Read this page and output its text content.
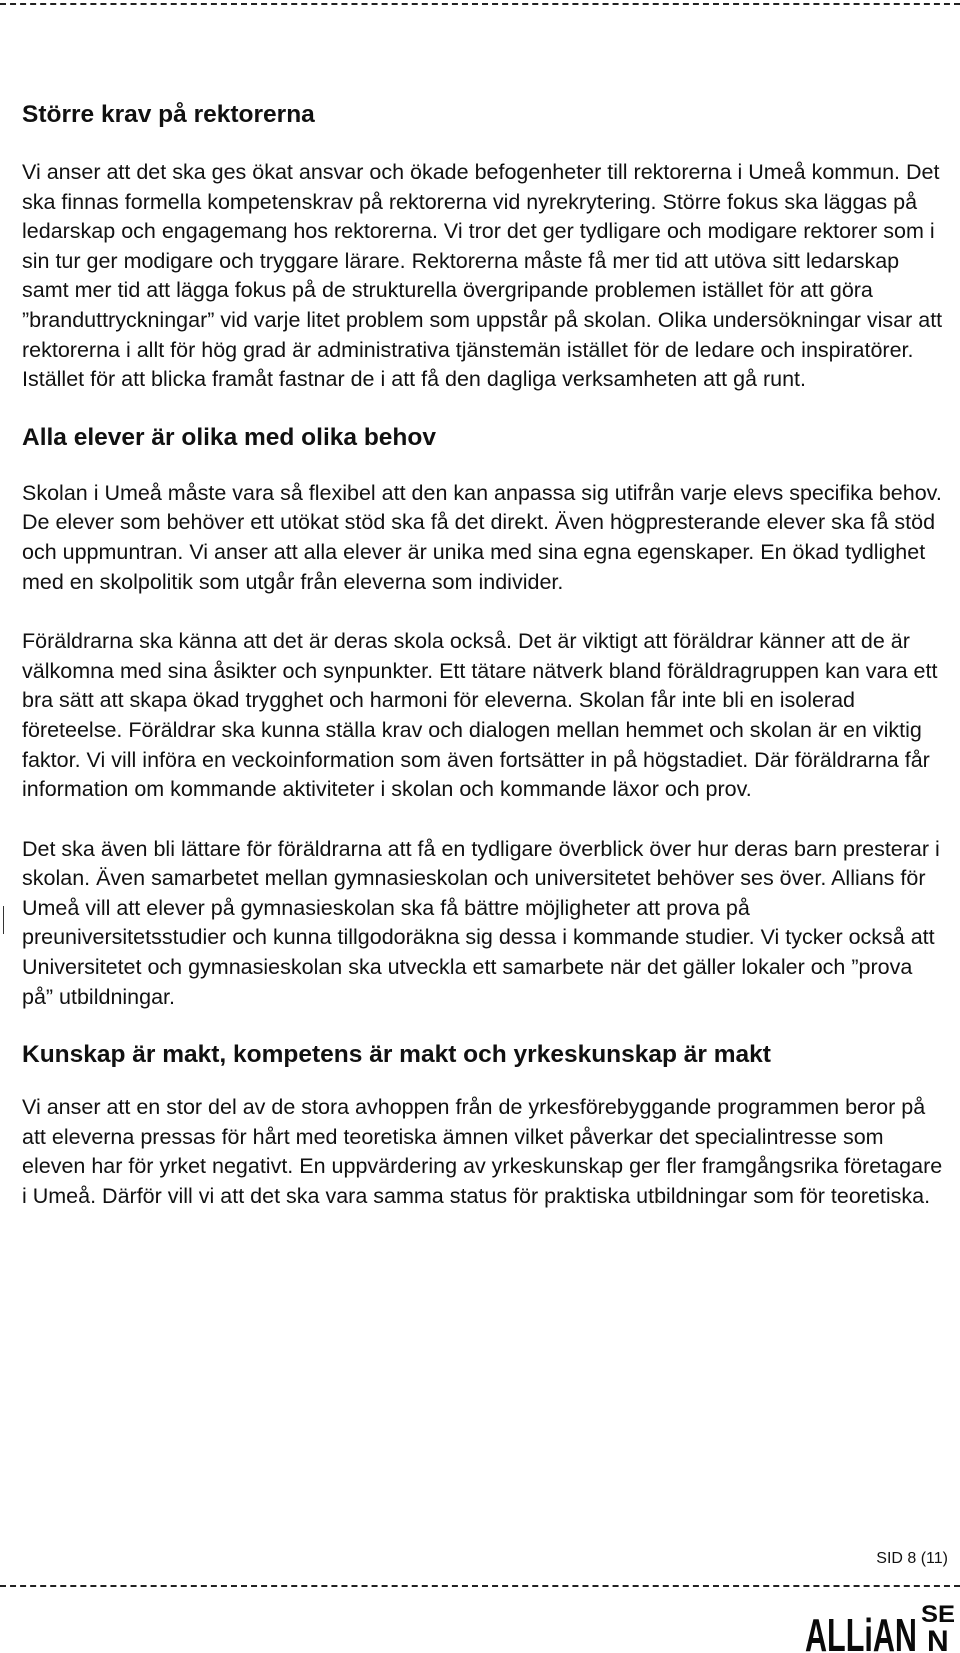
Större krav på rektorerna

Vi anser att det ska ges ökat ansvar och ökade befogenheter till rektorerna i Umeå kommun. Det ska finnas formella kompetenskrav på rektorerna vid nyrekrytering. Större fokus ska läggas på ledarskap och engagemang hos rektorerna. Vi tror det ger tydligare och modigare rektorer som i sin tur ger modigare och tryggare lärare. Rektorerna måste få mer tid att utöva sitt ledarskap samt mer tid att lägga fokus på de strukturella övergripande problemen istället för att göra ”branduttryckningar” vid varje litet problem som uppstår på skolan. Olika undersökningar visar att rektorerna i allt för hög grad är administrativa tjänstemän istället för de ledare och inspiratörer. Istället för att blicka framåt fastnar de i att få den dagliga verksamheten att gå runt.

Alla elever är olika med olika behov

Skolan i Umeå måste vara så flexibel att den kan anpassa sig utifrån varje elevs specifika behov. De elever som behöver ett utökat stöd ska få det direkt. Även högpresterande elever ska få stöd och uppmuntran. Vi anser att alla elever är unika med sina egna egenskaper. En ökad tydlighet med en skolpolitik som utgår från eleverna som individer.

Föräldrarna ska känna att det är deras skola också. Det är viktigt att föräldrar känner att de är välkomna med sina åsikter och synpunkter. Ett tätare nätverk bland föräldragruppen kan vara ett bra sätt att skapa ökad trygghet och harmoni för eleverna. Skolan får inte bli en isolerad företeelse. Föräldrar ska kunna ställa krav och dialogen mellan hemmet och skolan är en viktig faktor. Vi vill införa en veckoinformation som även fortsätter in på högstadiet. Där föräldrarna får information om kommande aktiviteter i skolan och kommande läxor och prov.

Det ska även bli lättare för föräldrarna att få en tydligare överblick över hur deras barn presterar i skolan. Även samarbetet mellan gymnasieskolan och universitetet behöver ses över. Allians för Umeå vill att elever på gymnasieskolan ska få bättre möjligheter att prova på preuniversitetsstudier och kunna tillgodoräkna sig dessa i kommande studier. Vi tycker också att Universitetet och gymnasieskolan ska utveckla ett samarbete när det gäller lokaler och ”prova på” utbildningar.

Kunskap är makt, kompetens är makt och yrkeskunskap är makt

Vi anser att en stor del av de stora avhoppen från de yrkesförebyggande programmen beror på att eleverna pressas för hårt med teoretiska ämnen vilket påverkar det specialintresse som eleven har för yrket negativt. En uppvärdering av yrkeskunskap ger fler framgångsrika företagare i Umeå. Därför vill vi att det ska vara samma status för praktiska utbildningar som för teoretiska.

SID 8 (11)
ALLiAN SE
N
